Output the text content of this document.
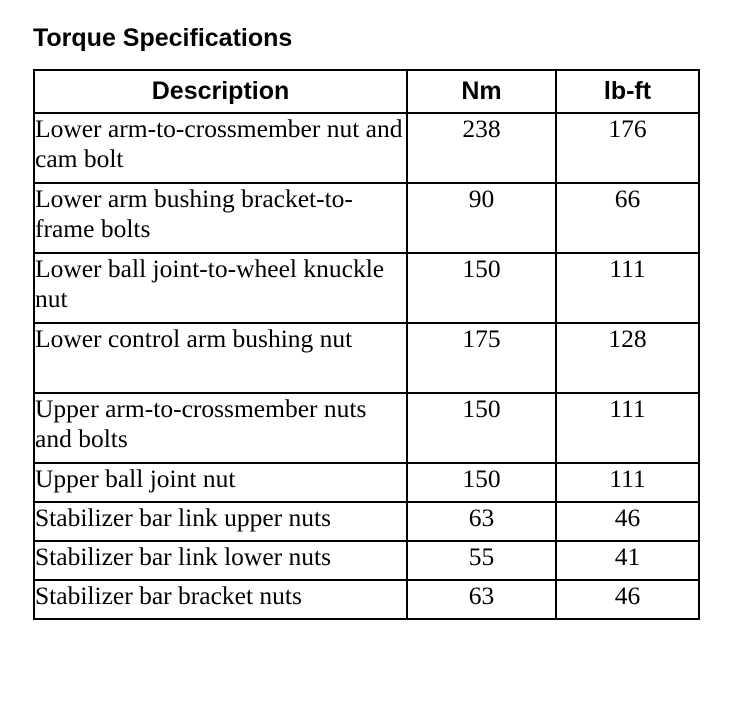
Torque Specifications
Description	Nm	lb-ft
Lower arm-to-crossmember nut and cam bolt	238	176
Lower arm bushing bracket-to-frame bolts	90	66
Lower ball joint-to-wheel knuckle nut	150	111
Lower control arm bushing nut	175	128
Upper arm-to-crossmember nuts and bolts	150	111
Upper ball joint nut	150	111
Stabilizer bar link upper nuts	63	46
Stabilizer bar link lower nuts	55	41
Stabilizer bar bracket nuts	63	46
